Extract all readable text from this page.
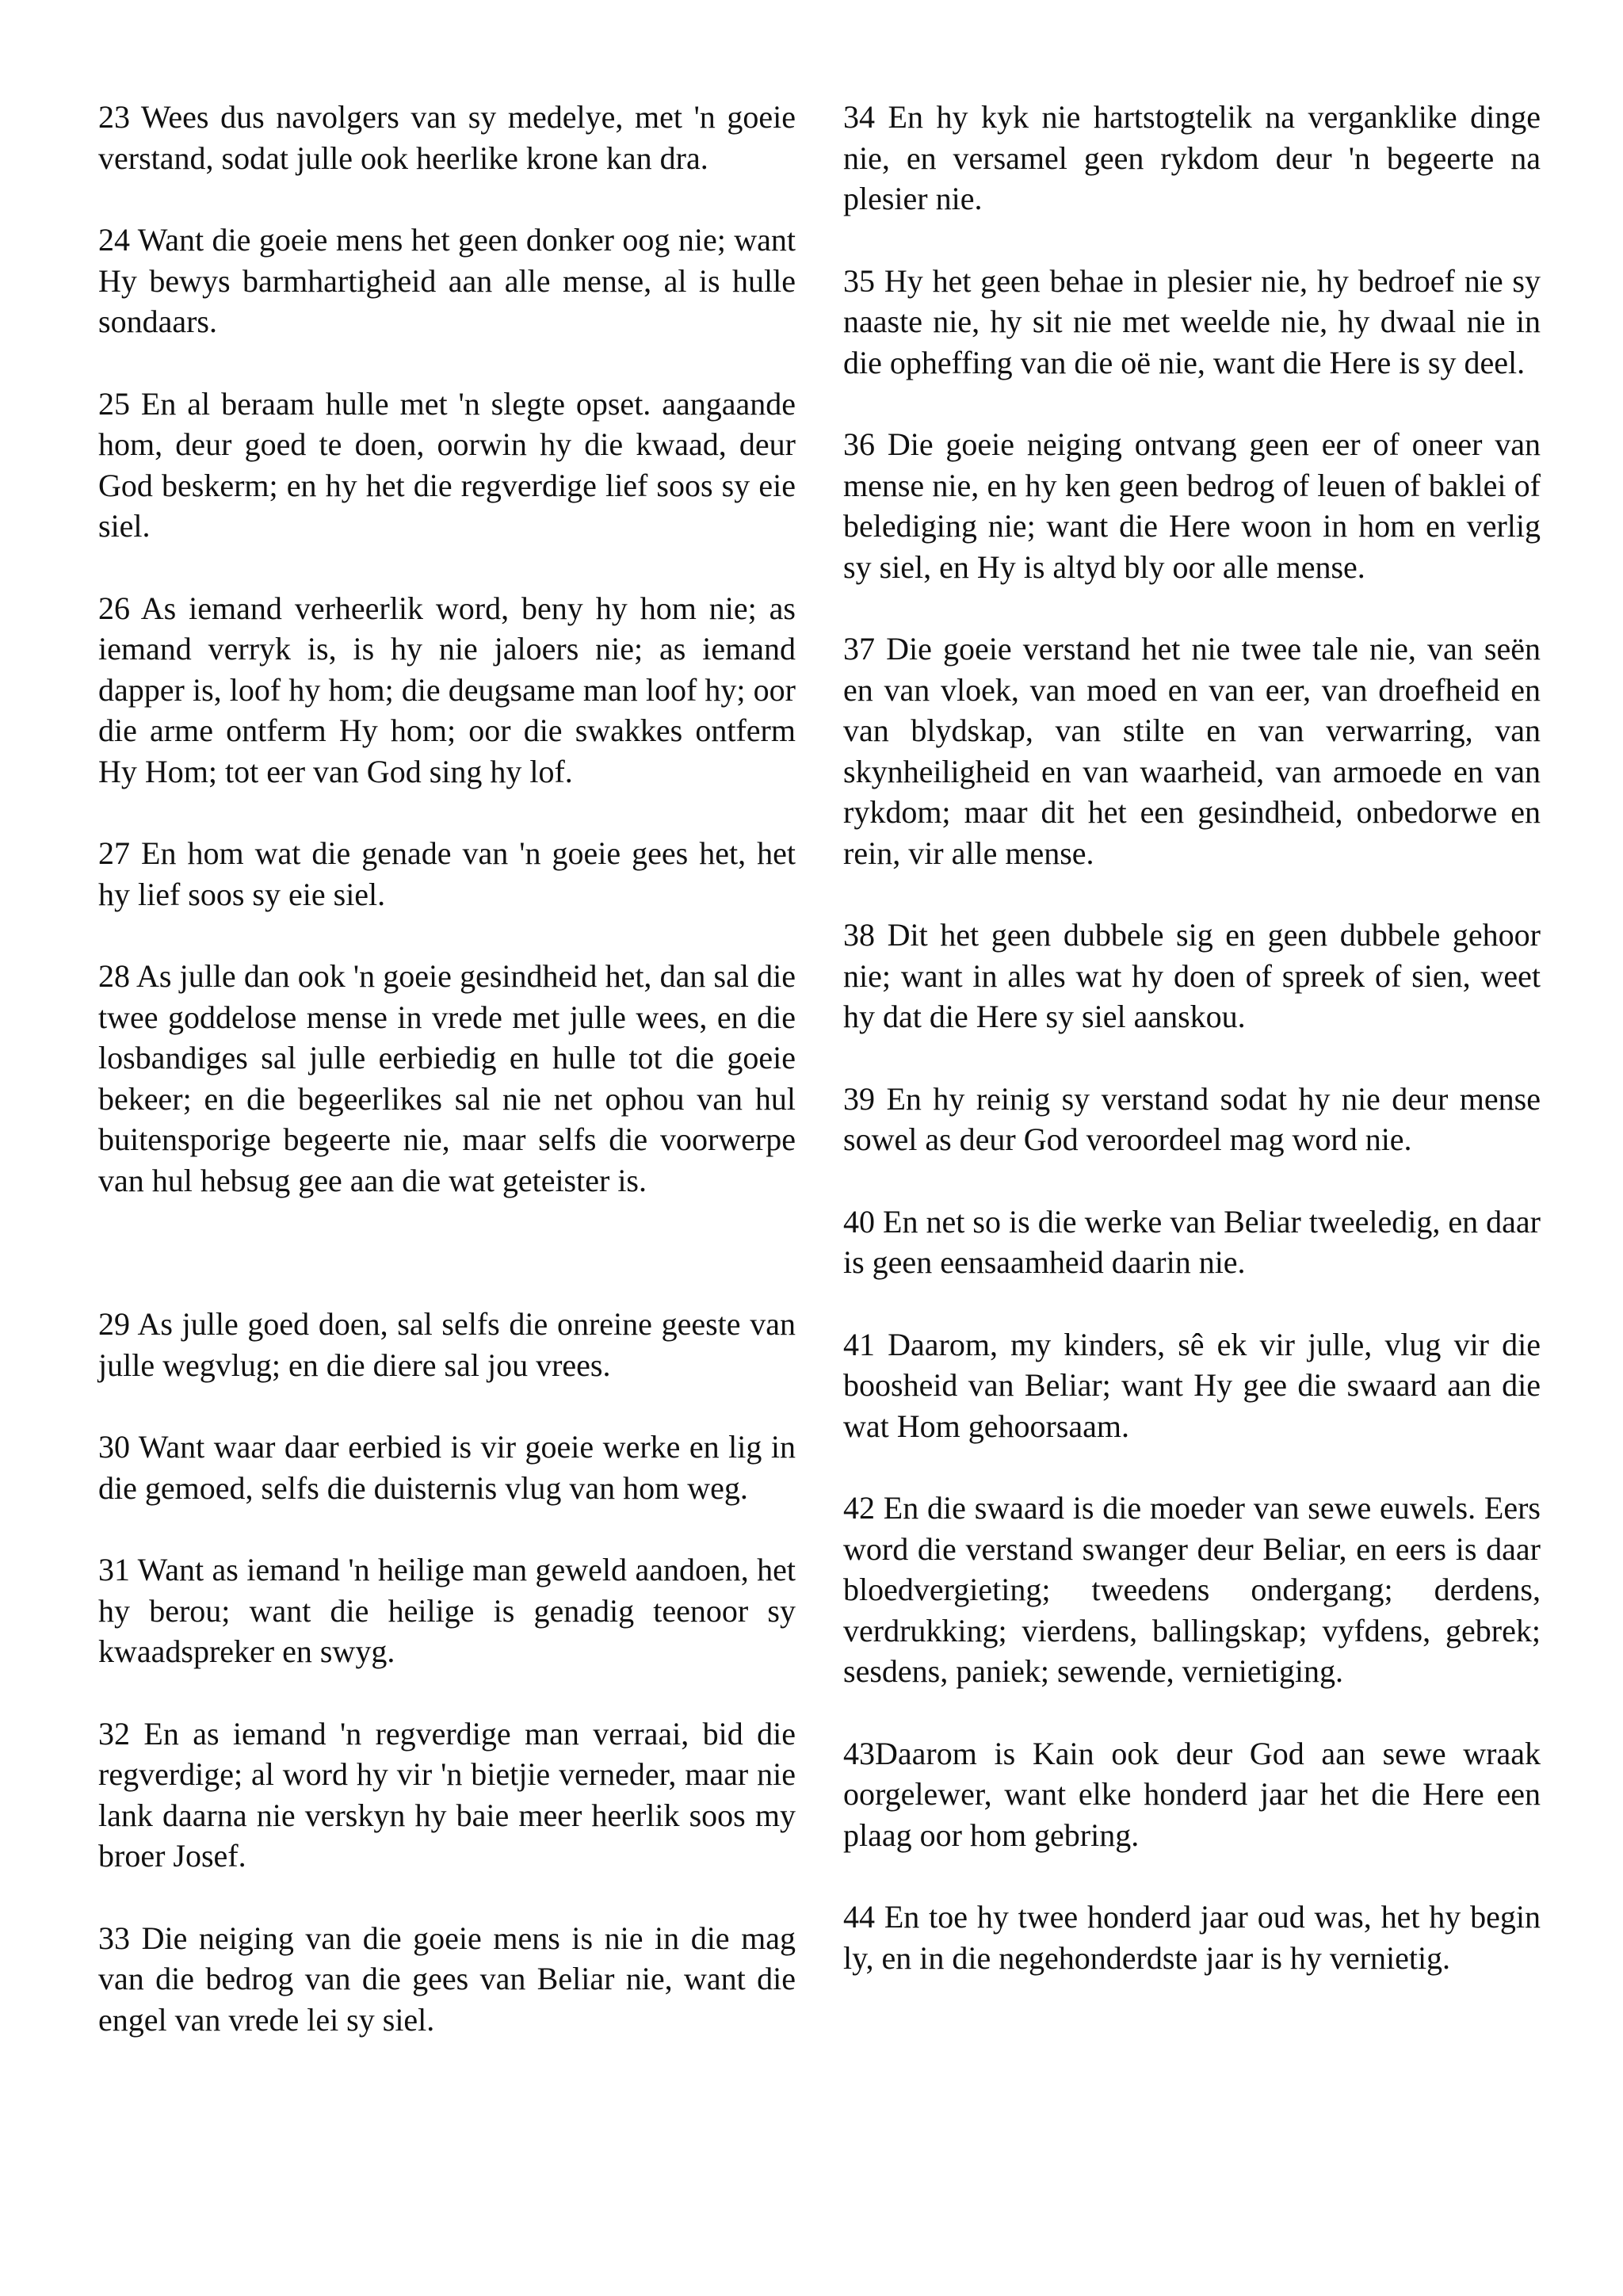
23 Wees dus navolgers van sy medelye, met 'n goeie verstand, sodat julle ook heerlike krone kan dra.

24 Want die goeie mens het geen donker oog nie; want Hy bewys barmhartigheid aan alle mense, al is hulle sondaars.

25 En al beraam hulle met 'n slegte opset. aangaande hom, deur goed te doen, oorwin hy die kwaad, deur God beskerm; en hy het die regverdige lief soos sy eie siel.

26 As iemand verheerlik word, beny hy hom nie; as iemand verryk is, is hy nie jaloers nie; as iemand dapper is, loof hy hom; die deugsame man loof hy; oor die arme ontferm Hy hom; oor die swakkes ontferm Hy Hom; tot eer van God sing hy lof.

27 En hom wat die genade van 'n goeie gees het, het hy lief soos sy eie siel.

28 As julle dan ook 'n goeie gesindheid het, dan sal die twee goddelose mense in vrede met julle wees, en die losbandiges sal julle eerbiedig en hulle tot die goeie bekeer; en die begeerlikes sal nie net ophou van hul buitensporige begeerte nie, maar selfs die voorwerpe van hul hebsug gee aan die wat geteister is.

29 As julle goed doen, sal selfs die onreine geeste van julle wegvlug; en die diere sal jou vrees.

30 Want waar daar eerbied is vir goeie werke en lig in die gemoed, selfs die duisternis vlug van hom weg.

31 Want as iemand 'n heilige man geweld aandoen, het hy berou; want die heilige is genadig teenoor sy kwaadspreker en swyg.

32 En as iemand 'n regverdige man verraai, bid die regverdige; al word hy vir 'n bietjie verneder, maar nie lank daarna nie verskyn hy baie meer heerlik soos my broer Josef.

33 Die neiging van die goeie mens is nie in die mag van die bedrog van die gees van Beliar nie, want die engel van vrede lei sy siel.

34 En hy kyk nie hartstogtelik na verganklike dinge nie, en versamel geen rykdom deur 'n begeerte na plesier nie.

35 Hy het geen behae in plesier nie, hy bedroef nie sy naaste nie, hy sit nie met weelde nie, hy dwaal nie in die opheffing van die oë nie, want die Here is sy deel.

36 Die goeie neiging ontvang geen eer of oneer van mense nie, en hy ken geen bedrog of leuen of baklei of belediging nie; want die Here woon in hom en verlig sy siel, en Hy is altyd bly oor alle mense.

37 Die goeie verstand het nie twee tale nie, van seën en van vloek, van moed en van eer, van droefheid en van blydskap, van stilte en van verwarring, van skynheiligheid en van waarheid, van armoede en van rykdom; maar dit het een gesindheid, onbedorwe en rein, vir alle mense.

38 Dit het geen dubbele sig en geen dubbele gehoor nie; want in alles wat hy doen of spreek of sien, weet hy dat die Here sy siel aanskou.

39 En hy reinig sy verstand sodat hy nie deur mense sowel as deur God veroordeel mag word nie.

40 En net so is die werke van Beliar tweeledig, en daar is geen eensaamheid daarin nie.

41 Daarom, my kinders, sê ek vir julle, vlug vir die boosheid van Beliar; want Hy gee die swaard aan die wat Hom gehoorsaam.

42 En die swaard is die moeder van sewe euwels. Eers word die verstand swanger deur Beliar, en eers is daar bloedvergieting; tweedens ondergang; derdens, verdrukking; vierdens, ballingskap; vyfdens, gebrek; sesdens, paniek; sewende, vernietiging.

43Daarom is Kain ook deur God aan sewe wraak oorgelewer, want elke honderd jaar het die Here een plaag oor hom gebring.

44 En toe hy twee honderd jaar oud was, het hy begin ly, en in die negehonderdste jaar is hy vernietig.
